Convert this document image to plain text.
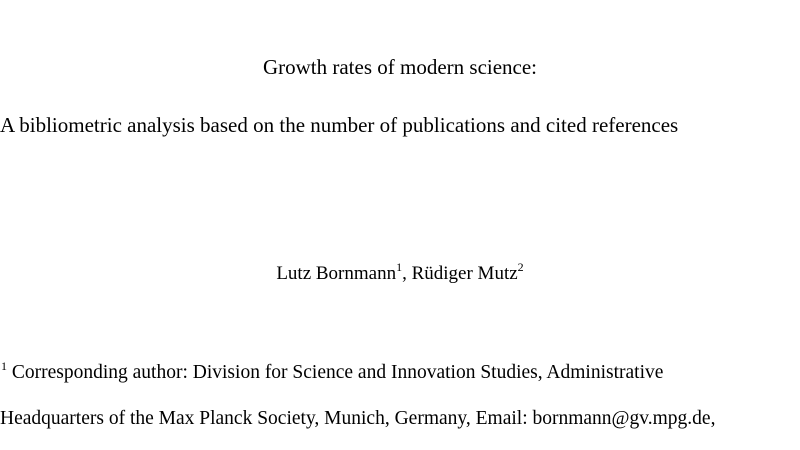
Growth rates of modern science:
A bibliometric analysis based on the number of publications and cited references
Lutz Bornmann$^1$, Rüdiger Mutz$^2$
$^1$ Corresponding author: Division for Science and Innovation Studies, Administrative
Headquarters of the Max Planck Society, Munich, Germany, Email: bornmann@gv.mpg.de,
